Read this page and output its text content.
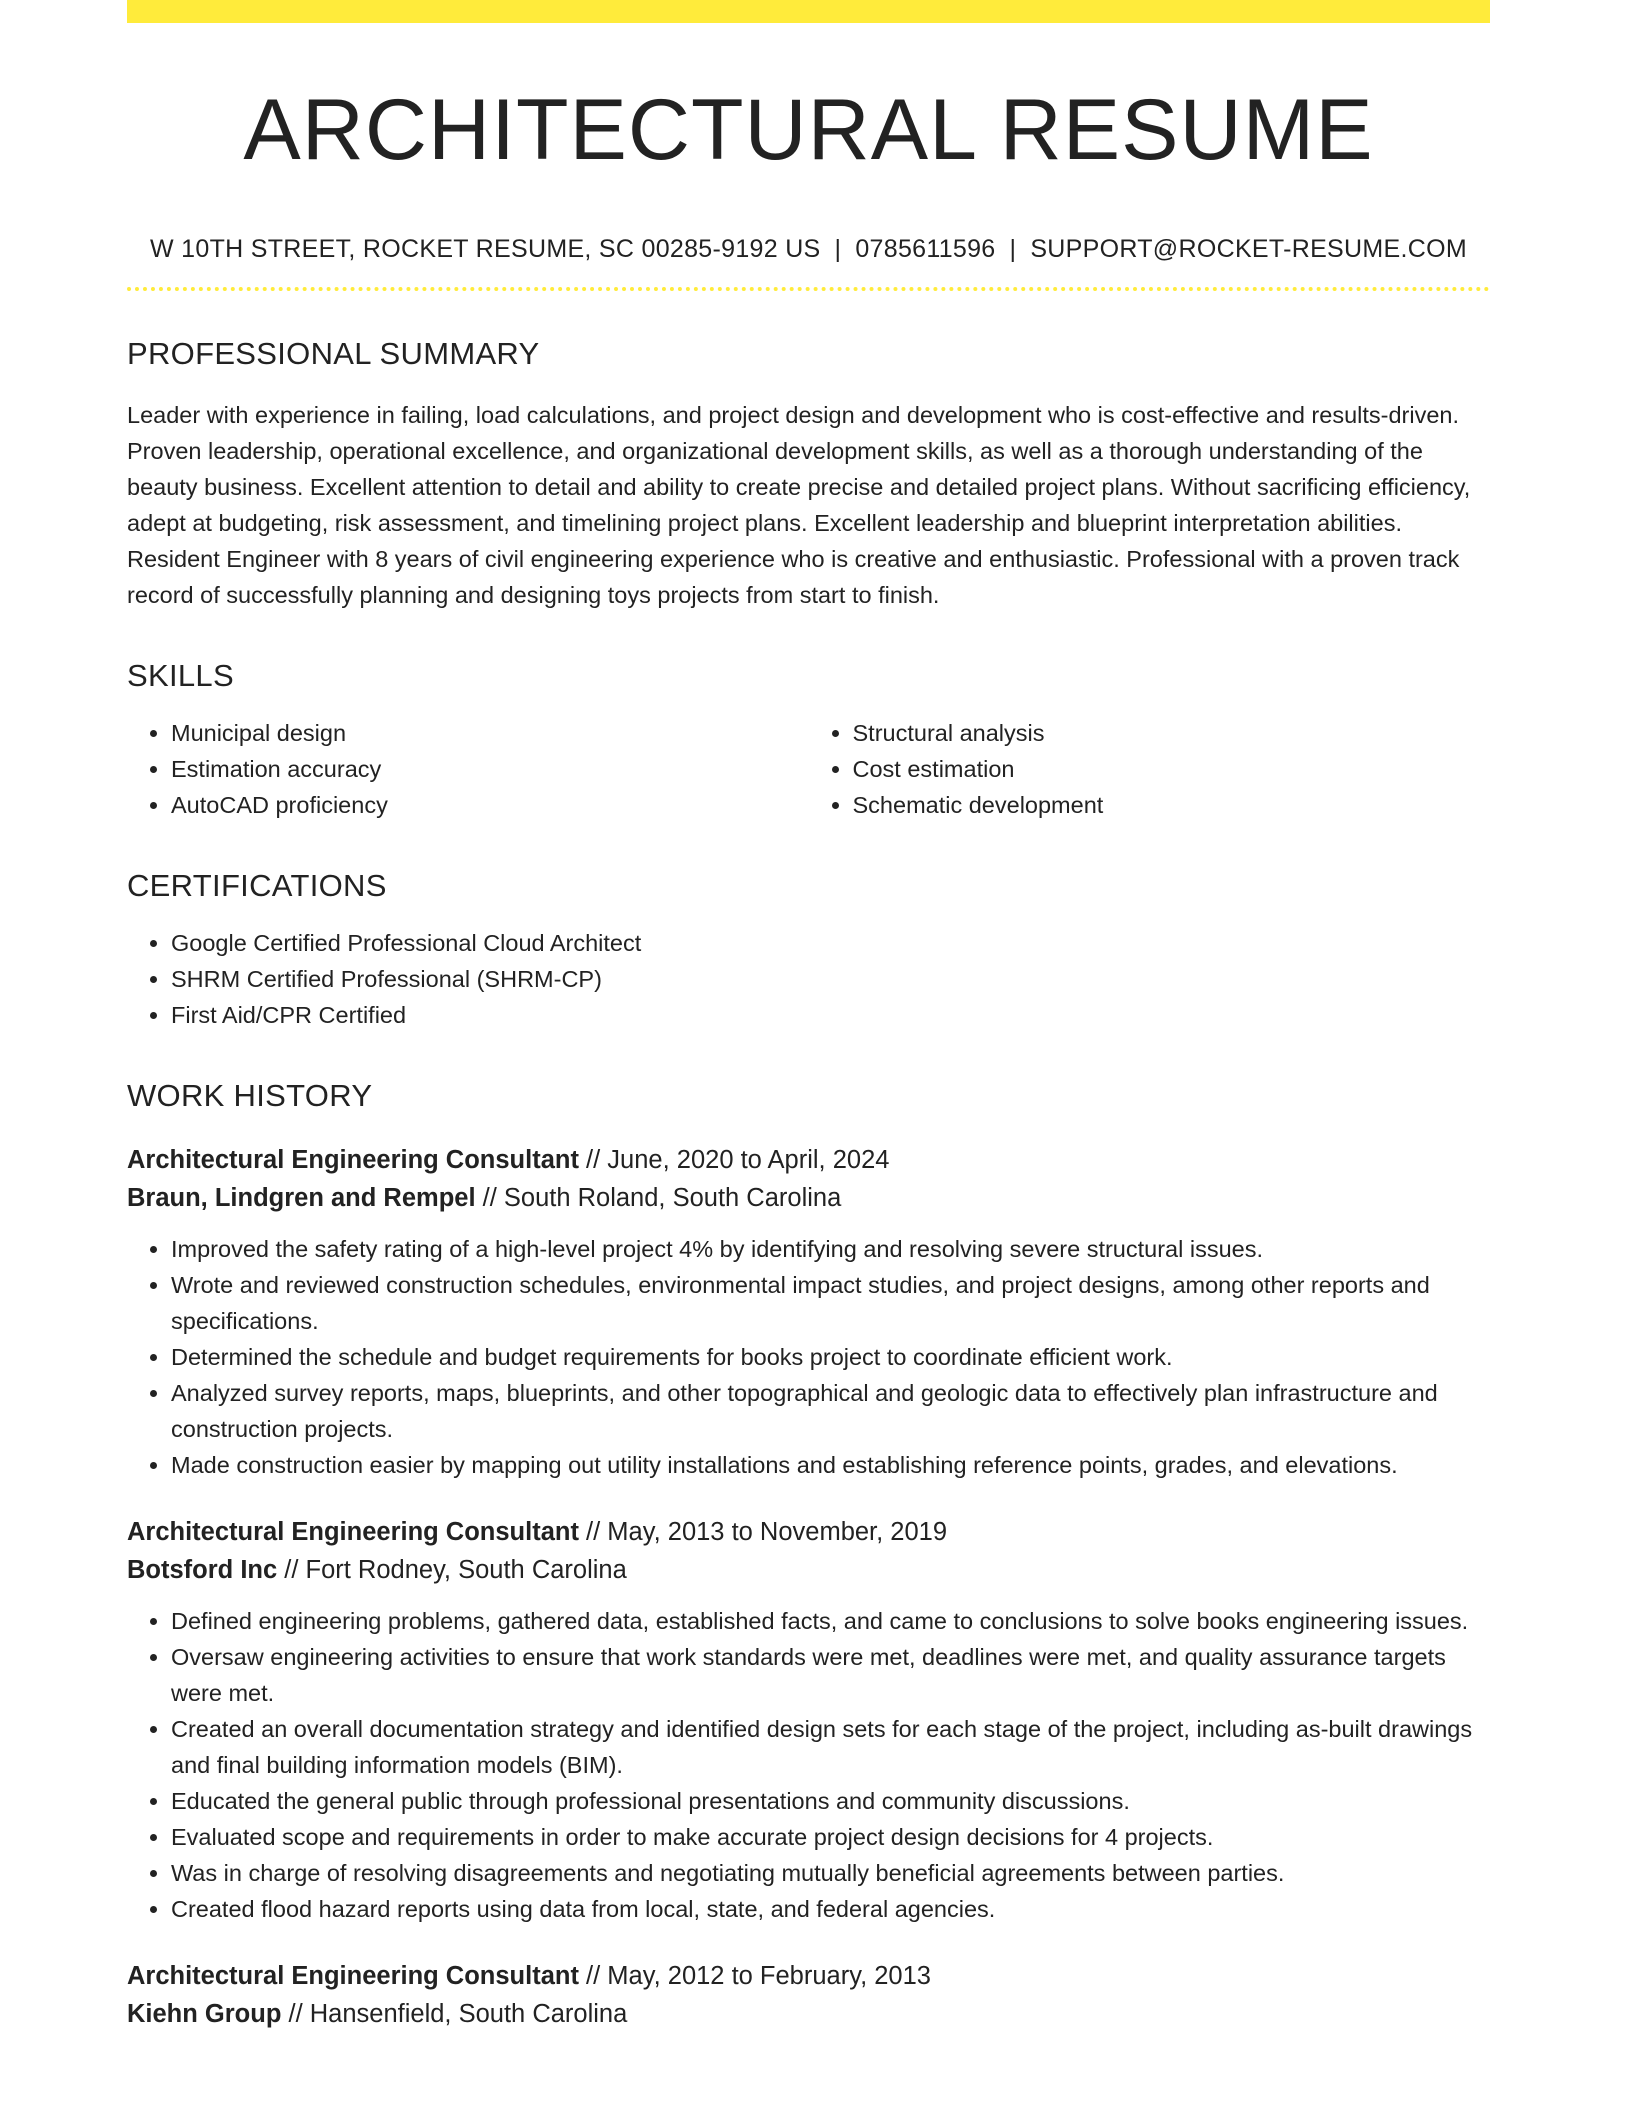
ARCHITECTURAL RESUME
W 10TH STREET, ROCKET RESUME, SC 00285-9192 US | 0785611596 | SUPPORT@ROCKET-RESUME.COM
PROFESSIONAL SUMMARY

Leader with experience in failing, load calculations, and project design and development who is cost-effective and results-driven. Proven leadership, operational excellence, and organizational development skills, as well as a thorough understanding of the beauty business. Excellent attention to detail and ability to create precise and detailed project plans. Without sacrificing efficiency, adept at budgeting, risk assessment, and timelining project plans. Excellent leadership and blueprint interpretation abilities. Resident Engineer with 8 years of civil engineering experience who is creative and enthusiastic. Professional with a proven track record of successfully planning and designing toys projects from start to finish.

SKILLS
• Municipal design
• Estimation accuracy
• AutoCAD proficiency
• Structural analysis
• Cost estimation
• Schematic development
CERTIFICATIONS
• Google Certified Professional Cloud Architect
• SHRM Certified Professional (SHRM-CP)
• First Aid/CPR Certified
WORK HISTORY
Architectural Engineering Consultant // June, 2020 to April, 2024
Braun, Lindgren and Rempel // South Roland, South Carolina
• Improved the safety rating of a high-level project 4% by identifying and resolving severe structural issues.
• Wrote and reviewed construction schedules, environmental impact studies, and project designs, among other reports and specifications.
• Determined the schedule and budget requirements for books project to coordinate efficient work.
• Analyzed survey reports, maps, blueprints, and other topographical and geologic data to effectively plan infrastructure and construction projects.
• Made construction easier by mapping out utility installations and establishing reference points, grades, and elevations.
Architectural Engineering Consultant // May, 2013 to November, 2019
Botsford Inc // Fort Rodney, South Carolina
• Defined engineering problems, gathered data, established facts, and came to conclusions to solve books engineering issues.
• Oversaw engineering activities to ensure that work standards were met, deadlines were met, and quality assurance targets were met.
• Created an overall documentation strategy and identified design sets for each stage of the project, including as-built drawings and final building information models (BIM).
• Educated the general public through professional presentations and community discussions.
• Evaluated scope and requirements in order to make accurate project design decisions for 4 projects.
• Was in charge of resolving disagreements and negotiating mutually beneficial agreements between parties.
• Created flood hazard reports using data from local, state, and federal agencies.
Architectural Engineering Consultant // May, 2012 to February, 2013
Kiehn Group // Hansenfield, South Carolina
